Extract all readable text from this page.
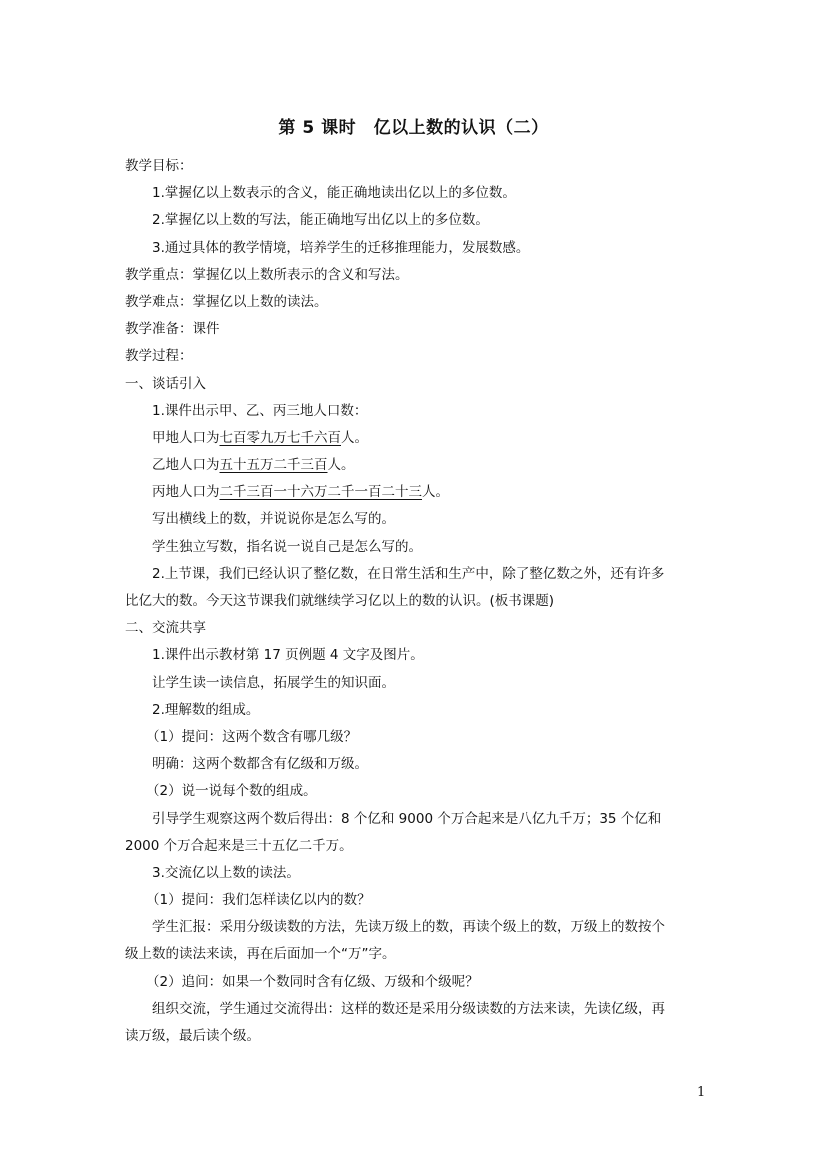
第 5 课时　亿以上数的认识（二）
教学目标：
1.掌握亿以上数表示的含义，能正确地读出亿以上的多位数。
2.掌握亿以上数的写法，能正确地写出亿以上的多位数。
3.通过具体的教学情境，培养学生的迁移推理能力，发展数感。
教学重点：掌握亿以上数所表示的含义和写法。
教学难点：掌握亿以上数的读法。
教学准备：课件
教学过程：
一、谈话引入
1.课件出示甲、乙、丙三地人口数：
甲地人口为七百零九万七千六百人。
乙地人口为五十五万二千三百人。
丙地人口为二千三百一十六万二千一百二十三人。
写出横线上的数，并说说你是怎么写的。
学生独立写数，指名说一说自己是怎么写的。
2.上节课，我们已经认识了整亿数，在日常生活和生产中，除了整亿数之外，还有许多
比亿大的数。今天这节课我们就继续学习亿以上的数的认识。(板书课题)
二、交流共享
1.课件出示教材第 17 页例题 4 文字及图片。
让学生读一读信息，拓展学生的知识面。
2.理解数的组成。
（1）提问：这两个数含有哪几级？
明确：这两个数都含有亿级和万级。
（2）说一说每个数的组成。
引导学生观察这两个数后得出：8 个亿和 9000 个万合起来是八亿九千万；35 个亿和
2000 个万合起来是三十五亿二千万。
3.交流亿以上数的读法。
（1）提问：我们怎样读亿以内的数？
学生汇报：采用分级读数的方法，先读万级上的数，再读个级上的数，万级上的数按个
级上数的读法来读，再在后面加一个“万”字。
（2）追问：如果一个数同时含有亿级、万级和个级呢？
组织交流，学生通过交流得出：这样的数还是采用分级读数的方法来读，先读亿级，再
读万级，最后读个级。
1
